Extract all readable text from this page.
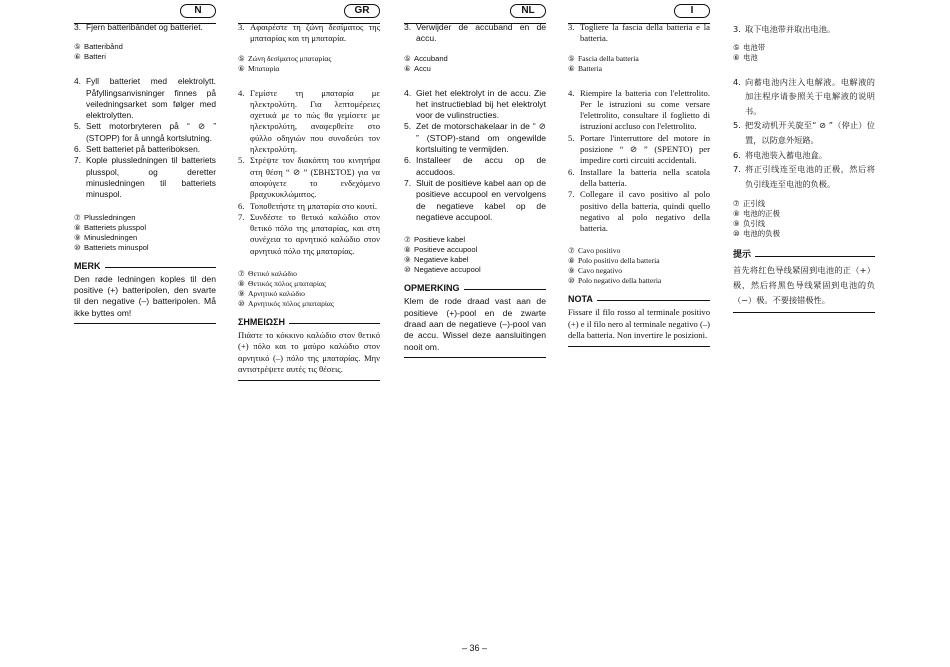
N
3. Fjern batteribåndet og batteriet.
⑤ Batteribånd
⑥ Batteri
4. Fyll batteriet med elektrolytt. Påfyllingsanvisninger finnes på veiledningsarket som følger med elektrolytten.
5. Sett motorbryteren på “ ⊘ ” (STOPP) for å unngå kortslutning.
6. Sett batteriet på batteriboksen.
7. Kople plussledningen til batteriets plusspol, og deretter minusledningen til batteriets minuspol.
⑦ Plussledningen
⑧ Batteriets plusspol
⑨ Minusledningen
⑩ Batteriets minuspol
MERK
Den røde ledningen koples til den positive (+) batteripolen, den svarte til den negative (–) batteripolen. Må ikke byttes om!
GR
3. Αφαιρέστε τη ζώνη δεσίματος της μπαταρίας και τη μπαταρία.
⑤ Ζώνη δεσίματος μπαταρίας
⑥ Μπαταρία
4. Γεμίστε τη μπαταρία με ηλεκτρολύτη. Για λεπτομέρειες σχετικά με το πώς θα γεμίσετε με ηλεκτρολύτη, αναφερθείτε στο φύλλο οδηγιών που συνοδεύει τον ηλεκτρολύτη.
5. Στρέψτε τον διακόπτη του κινητήρα στη θέση “ ⊘ ” (ΣΒΗΣΤΟΣ) για να αποφύγετε το ενδεχόμενο βραχυκυκλώματος.
6. Τοποθετήστε τη μπαταρία στο κουτί.
7. Συνδέστε το θετικό καλώδιο στον θετικό πόλο της μπαταρίας, και στη συνέχεια το αρνητικό καλώδιο στον αρνητικό πόλο της μπαταρίας.
⑦ Θετικό καλώδιο
⑧ Θετικός πόλος μπαταρίας
⑨ Αρνητικό καλώδιο
⑩ Αρνητικός πόλος μπαταρίας
ΣΗΜΕΙΩΣΗ
Πιάστε το κόκκινο καλώδιο στον θετικό (+) πόλο και το μαύρο καλώδιο στον αρνητικό (–) πόλο της μπαταρίας. Μην αντιστρέψετε αυτές τις θέσεις.
NL
3. Verwijder de accuband en de accu.
⑤ Accuband
⑥ Accu
4. Giet het elektrolyt in de accu. Zie het instructieblad bij het elektrolyt voor de vulinstructies.
5. Zet de motorschakelaar in de “ ⊘ ” (STOP)-stand om ongewilde kortsluiting te vermijden.
6. Installeer de accu op de accudoos.
7. Sluit de positieve kabel aan op de positieve accupool en vervolgens de negatieve kabel op de negatieve accupool.
⑦ Positieve kabel
⑧ Positieve accupool
⑨ Negatieve kabel
⑩ Negatieve accupool
OPMERKING
Klem de rode draad vast aan de positieve (+)-pool en de zwarte draad aan de negatieve (–)-pool van de accu. Wissel deze aansluitingen nooit om.
I
3. Togliere la fascia della batteria e la batteria.
⑤ Fascia della batteria
⑥ Batteria
4. Riempire la batteria con l'elettrolito. Per le istruzioni su come versare l'elettrolito, consultare il foglietto di istruzioni accluso con l'elettrolito.
5. Portare l'interruttore del motore in posizione “ ⊘ ” (SPENTO) per impedire corti circuiti accidentali.
6. Installare la batteria nella scatola della batteria.
7. Collegare il cavo positivo al polo positivo della batteria, quindi quello negativo al polo negativo della batteria.
⑦ Cavo positivo
⑧ Polo positivo della batteria
⑨ Cavo negativo
⑩ Polo negativo della batteria
NOTA
Fissare il filo rosso al terminale positivo (+) e il filo nero al terminale negativo (–) della batteria. Non invertire le posizioni.
3. 取下电池带并取出电池。
⑤ 电池带
⑥ 电池
4. 向蓄电池内注入电解液。电解液的加注程序请参照关于电解液的说明书。
5. 把发动机开关旋至“ ⊘ ”（停止）位置，以防意外短路。
6. 将电池装入蓄电池盒。
7. 将正引线连至电池的正极，然后将负引线连至电池的负极。
⑦ 正引线
⑧ 电池的正极
⑨ 负引线
⑩ 电池的负极
提示
首先将红色导线紧固到电池的正（+）极，然后将黑色导线紧固到电池的负（−）极。不要接错极性。
– 36 –
